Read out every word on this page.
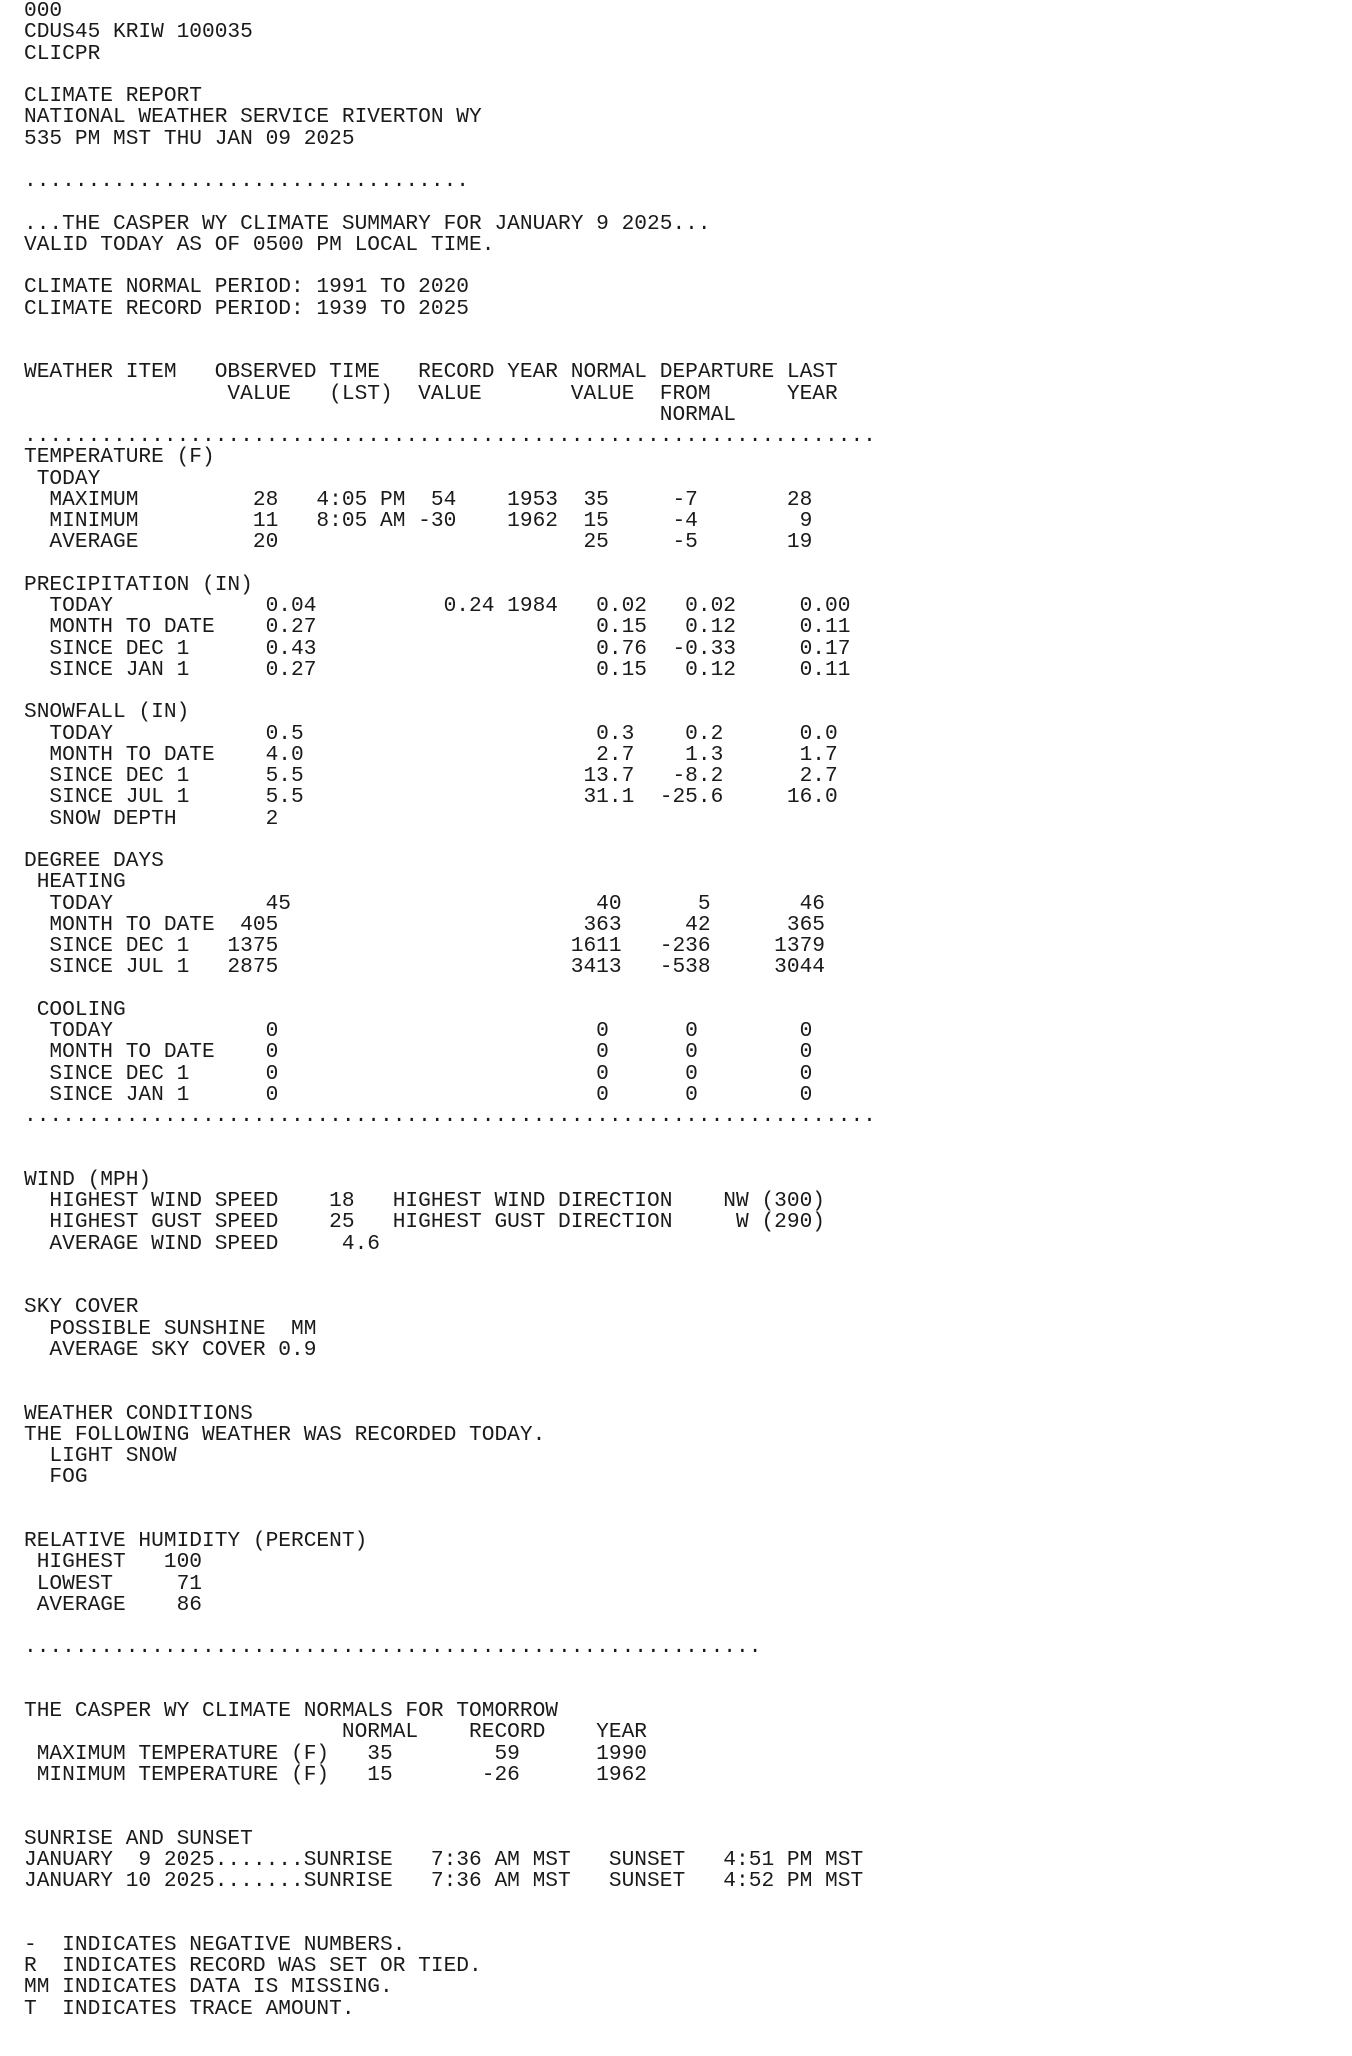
000
CDUS45 KRIW 100035
CLICPR

CLIMATE REPORT
NATIONAL WEATHER SERVICE RIVERTON WY
535 PM MST THU JAN 09 2025

...................................

...THE CASPER WY CLIMATE SUMMARY FOR JANUARY 9 2025...
VALID TODAY AS OF 0500 PM LOCAL TIME.

CLIMATE NORMAL PERIOD: 1991 TO 2020
CLIMATE RECORD PERIOD: 1939 TO 2025

WEATHER ITEM   OBSERVED TIME   RECORD YEAR NORMAL DEPARTURE LAST
VALUE   (LST)  VALUE       VALUE  FROM      YEAR
NORMAL
...................................................................
TEMPERATURE (F)
TODAY
MAXIMUM         28   4:05 PM  54    1953  35     -7       28
MINIMUM         11   8:05 AM -30    1962  15     -4        9
AVERAGE         20                        25     -5       19

PRECIPITATION (IN)
TODAY            0.04          0.24 1984   0.02   0.02     0.00
MONTH TO DATE    0.27                      0.15   0.12     0.11
SINCE DEC 1      0.43                      0.76  -0.33     0.17
SINCE JAN 1      0.27                      0.15   0.12     0.11

SNOWFALL (IN)
TODAY            0.5                       0.3    0.2      0.0
MONTH TO DATE    4.0                       2.7    1.3      1.7
SINCE DEC 1      5.5                      13.7   -8.2      2.7
SINCE JUL 1      5.5                      31.1  -25.6     16.0
SNOW DEPTH       2

DEGREE DAYS
HEATING
TODAY            45                        40      5       46
MONTH TO DATE  405                        363     42      365
SINCE DEC 1   1375                       1611   -236     1379
SINCE JUL 1   2875                       3413   -538     3044

COOLING
TODAY            0                         0      0        0
MONTH TO DATE    0                         0      0        0
SINCE DEC 1      0                         0      0        0
SINCE JAN 1      0                         0      0        0
...................................................................

WIND (MPH)
HIGHEST WIND SPEED    18   HIGHEST WIND DIRECTION    NW (300)
HIGHEST GUST SPEED    25   HIGHEST GUST DIRECTION     W (290)
AVERAGE WIND SPEED     4.6

SKY COVER
POSSIBLE SUNSHINE  MM
AVERAGE SKY COVER 0.9

WEATHER CONDITIONS
THE FOLLOWING WEATHER WAS RECORDED TODAY.
LIGHT SNOW
FOG

RELATIVE HUMIDITY (PERCENT)
HIGHEST   100
LOWEST     71
AVERAGE    86

..........................................................

THE CASPER WY CLIMATE NORMALS FOR TOMORROW
NORMAL    RECORD    YEAR
MAXIMUM TEMPERATURE (F)   35        59      1990
MINIMUM TEMPERATURE (F)   15       -26      1962

SUNRISE AND SUNSET
JANUARY  9 2025.......SUNRISE   7:36 AM MST   SUNSET   4:51 PM MST
JANUARY 10 2025.......SUNRISE   7:36 AM MST   SUNSET   4:52 PM MST

-  INDICATES NEGATIVE NUMBERS.
R  INDICATES RECORD WAS SET OR TIED.
MM INDICATES DATA IS MISSING.
T  INDICATES TRACE AMOUNT.
